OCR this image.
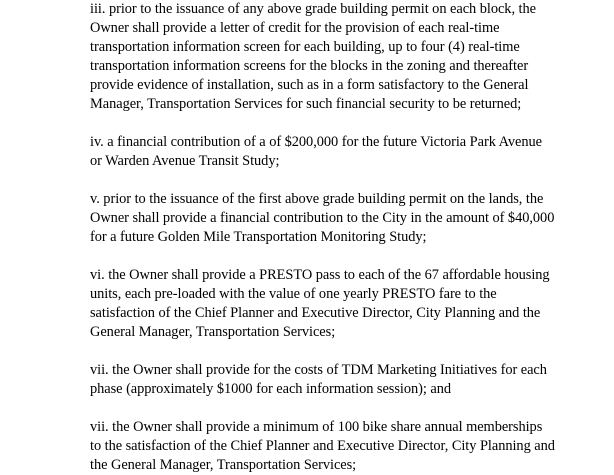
iii. prior to the issuance of any above grade building permit on each block, the
Owner shall provide a letter of credit for the provision of each real-time
transportation information screen for each building, up to four (4) real-time
transportation information screens for the blocks in the zoning and thereafter
provide evidence of installation, such as in a form satisfactory to the General
Manager, Transportation Services for such financial security to be returned;

iv. a financial contribution of a of $200,000 for the future Victoria Park Avenue
or Warden Avenue Transit Study;

v. prior to the issuance of the first above grade building permit on the lands, the
Owner shall provide a financial contribution to the City in the amount of $40,000
for a future Golden Mile Transportation Monitoring Study;

vi. the Owner shall provide a PRESTO pass to each of the 67 affordable housing
units, each pre-loaded with the value of one yearly PRESTO fare to the
satisfaction of the Chief Planner and Executive Director, City Planning and the
General Manager, Transportation Services;

vii. the Owner shall provide for the costs of TDM Marketing Initiatives for each
phase (approximately $1000 for each information session); and

vii. the Owner shall provide a minimum of 100 bike share annual memberships
to the satisfaction of the Chief Planner and Executive Director, City Planning and
the General Manager, Transportation Services;
